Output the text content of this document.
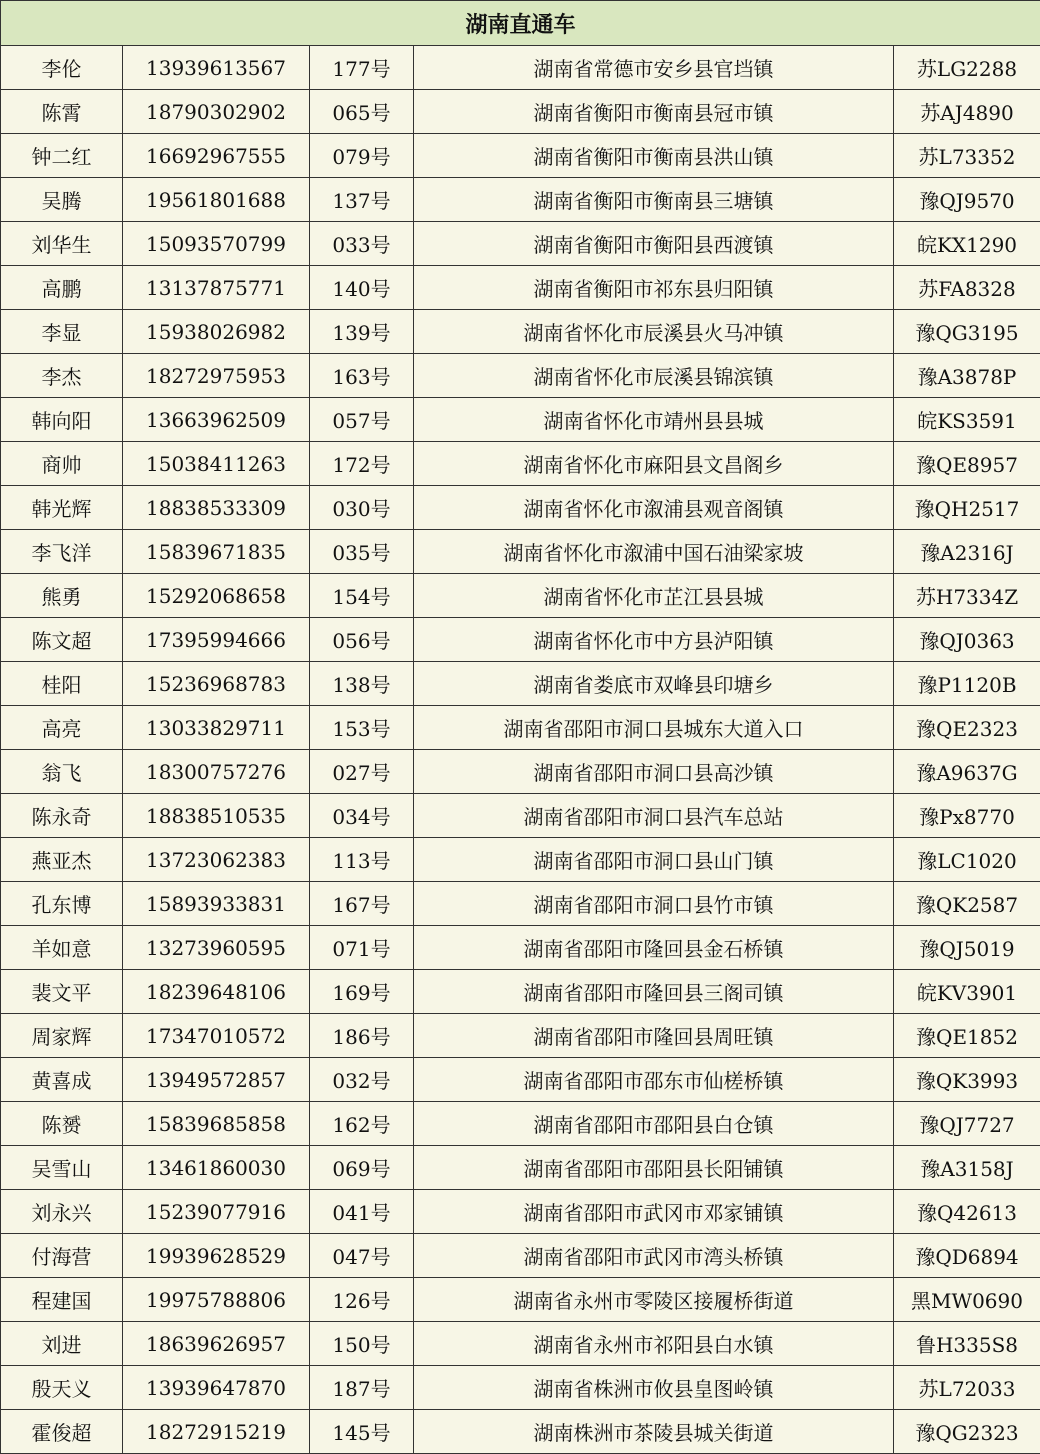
湖南直通车				
李伦	13939613567	177号	湖南省常德市安乡县官垱镇	苏LG2288
陈霄	18790302902	065号	湖南省衡阳市衡南县冠市镇	苏AJ4890
钟二红	16692967555	079号	湖南省衡阳市衡南县洪山镇	苏L73352
吴腾	19561801688	137号	湖南省衡阳市衡南县三塘镇	豫QJ9570
刘华生	15093570799	033号	湖南省衡阳市衡阳县西渡镇	皖KX1290
高鹏	13137875771	140号	湖南省衡阳市祁东县归阳镇	苏FA8328
李显	15938026982	139号	湖南省怀化市辰溪县火马冲镇	豫QG3195
李杰	18272975953	163号	湖南省怀化市辰溪县锦滨镇	豫A3878P
韩向阳	13663962509	057号	湖南省怀化市靖州县县城	皖KS3591
商帅	15038411263	172号	湖南省怀化市麻阳县文昌阁乡	豫QE8957
韩光辉	18838533309	030号	湖南省怀化市溆浦县观音阁镇	豫QH2517
李飞洋	15839671835	035号	湖南省怀化市溆浦中国石油梁家坡	豫A2316J
熊勇	15292068658	154号	湖南省怀化市芷江县县城	苏H7334Z
陈文超	17395994666	056号	湖南省怀化市中方县泸阳镇	豫QJ0363
桂阳	15236968783	138号	湖南省娄底市双峰县印塘乡	豫P1120B
高亮	13033829711	153号	湖南省邵阳市洞口县城东大道入口	豫QE2323
翁飞	18300757276	027号	湖南省邵阳市洞口县高沙镇	豫A9637G
陈永奇	18838510535	034号	湖南省邵阳市洞口县汽车总站	豫Px8770
燕亚杰	13723062383	113号	湖南省邵阳市洞口县山门镇	豫LC1020
孔东博	15893933831	167号	湖南省邵阳市洞口县竹市镇	豫QK2587
羊如意	13273960595	071号	湖南省邵阳市隆回县金石桥镇	豫QJ5019
裴文平	18239648106	169号	湖南省邵阳市隆回县三阁司镇	皖KV3901
周家辉	17347010572	186号	湖南省邵阳市隆回县周旺镇	豫QE1852
黄喜成	13949572857	032号	湖南省邵阳市邵东市仙槎桥镇	豫QK3993
陈赟	15839685858	162号	湖南省邵阳市邵阳县白仓镇	豫QJ7727
吴雪山	13461860030	069号	湖南省邵阳市邵阳县长阳铺镇	豫A3158J
刘永兴	15239077916	041号	湖南省邵阳市武冈市邓家铺镇	豫Q42613
付海营	19939628529	047号	湖南省邵阳市武冈市湾头桥镇	豫QD6894
程建国	19975788806	126号	湖南省永州市零陵区接履桥街道	黑MW0690
刘进	18639626957	150号	湖南省永州市祁阳县白水镇	鲁H335S8
殷天义	13939647870	187号	湖南省株洲市攸县皇图岭镇	苏L72033
霍俊超	18272915219	145号	湖南株洲市茶陵县城关街道	豫QG2323
